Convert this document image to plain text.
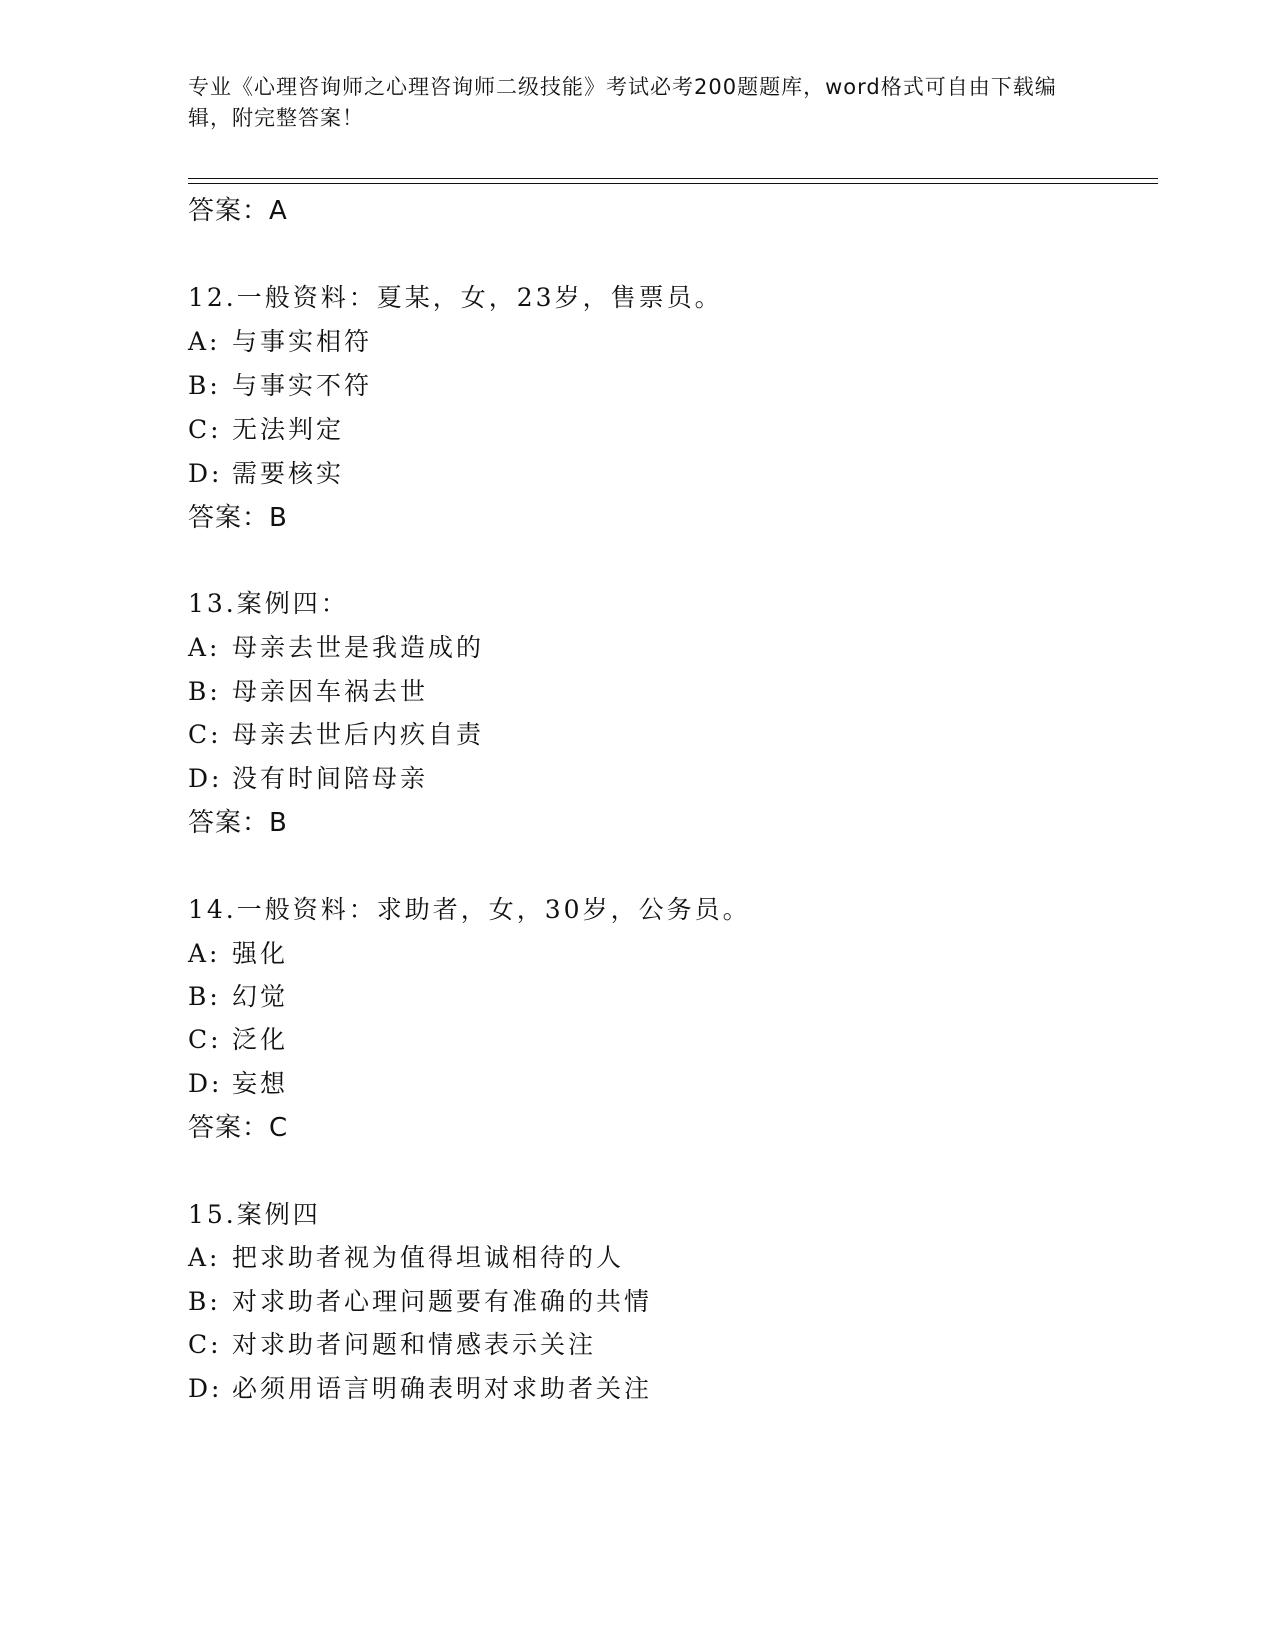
专业《心理咨询师之心理咨询师二级技能》考试必考200题题库，word格式可自由下载编辑，附完整答案！
答案：A
12.一般资料：夏某，女，23岁，售票员。
A: 与事实相符
B: 与事实不符
C: 无法判定
D: 需要核实
答案：B
13.案例四：
A: 母亲去世是我造成的
B: 母亲因车祸去世
C: 母亲去世后内疚自责
D: 没有时间陪母亲
答案：B
14.一般资料：求助者，女，30岁，公务员。
A: 强化
B: 幻觉
C: 泛化
D: 妄想
答案：C
15.案例四
A: 把求助者视为值得坦诚相待的人
B: 对求助者心理问题要有准确的共情
C: 对求助者问题和情感表示关注
D: 必须用语言明确表明对求助者关注
